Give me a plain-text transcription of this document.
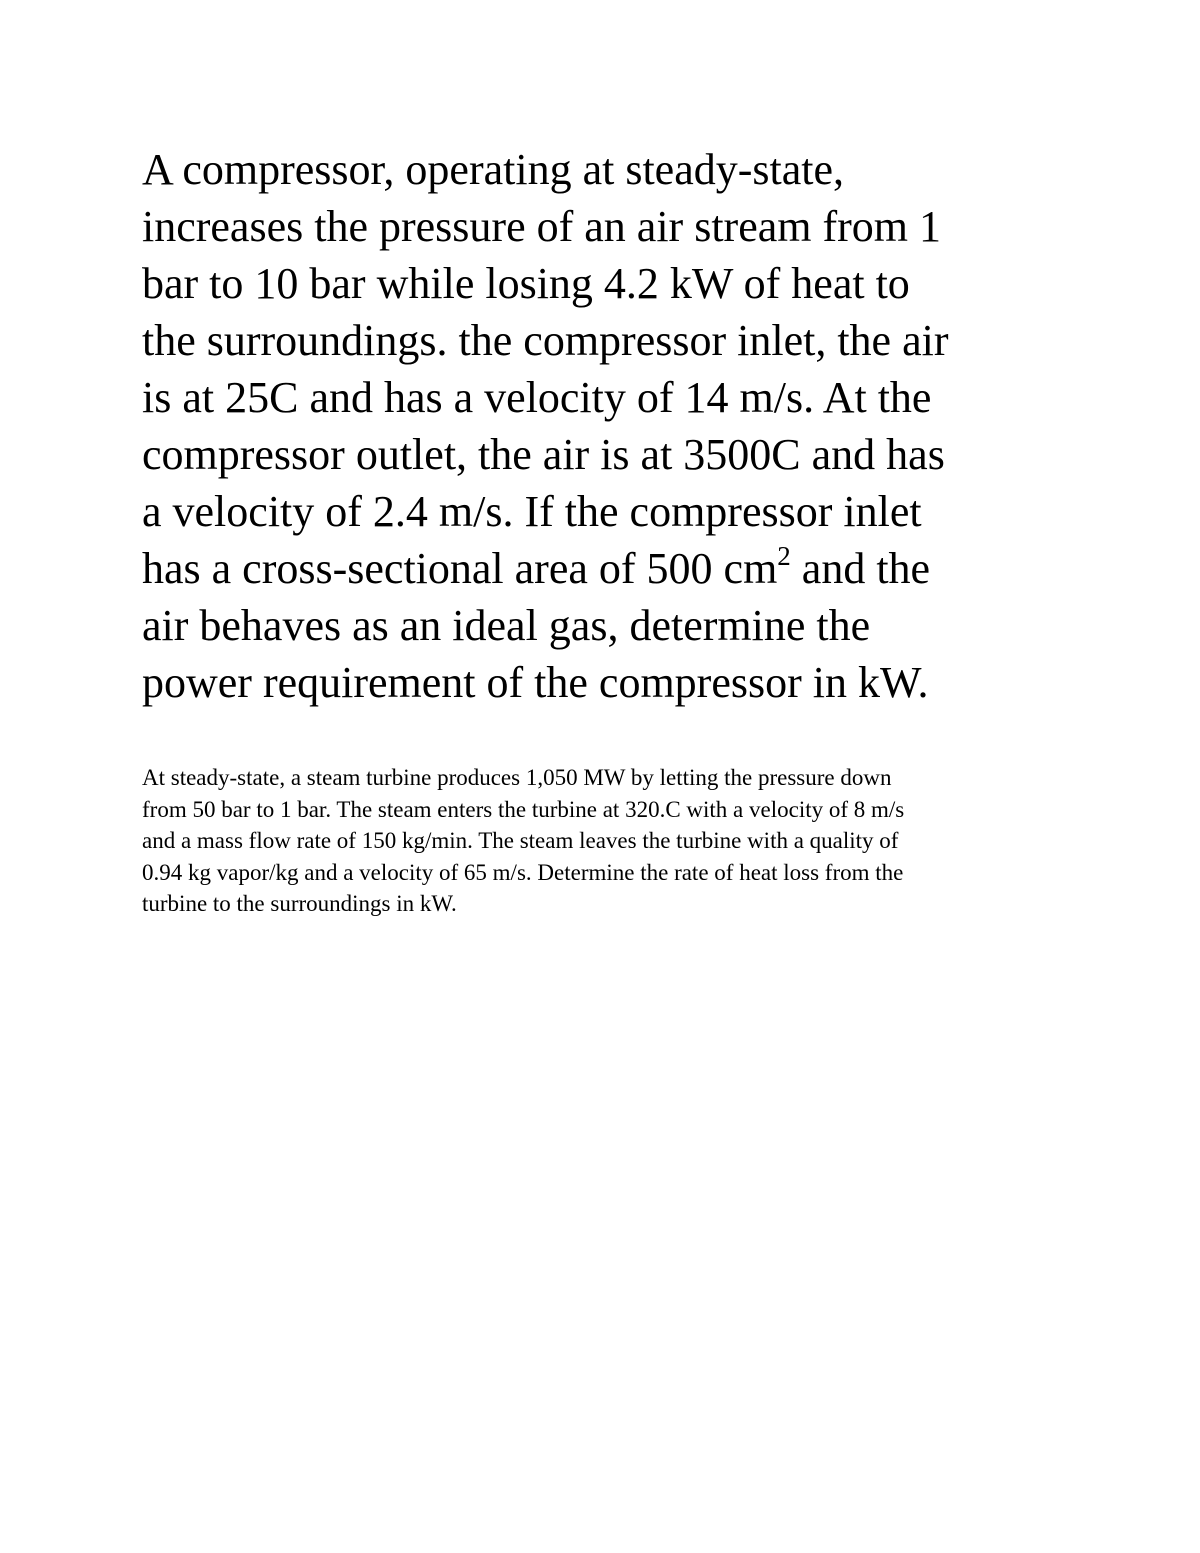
A compressor, operating at steady-state,
increases the pressure of an air stream from 1
bar to 10 bar while losing 4.2 kW of heat to
the surroundings. the compressor inlet, the air
is at 25C and has a velocity of 14 m/s. At the
compressor outlet, the air is at 3500C and has
a velocity of 2.4 m/s. If the compressor inlet
has a cross-sectional area of 500 $cm^2$ and the
air behaves as an ideal gas, determine the
power requirement of the compressor in kW.

At steady-state, a steam turbine produces 1,050 MW by letting the pressure down
from 50 bar to 1 bar. The steam enters the turbine at 320.C with a velocity of 8 m/s
and a mass flow rate of 150 kg/min. The steam leaves the turbine with a quality of
0.94 kg vapor/kg and a velocity of 65 m/s. Determine the rate of heat loss from the
turbine to the surroundings in kW.
